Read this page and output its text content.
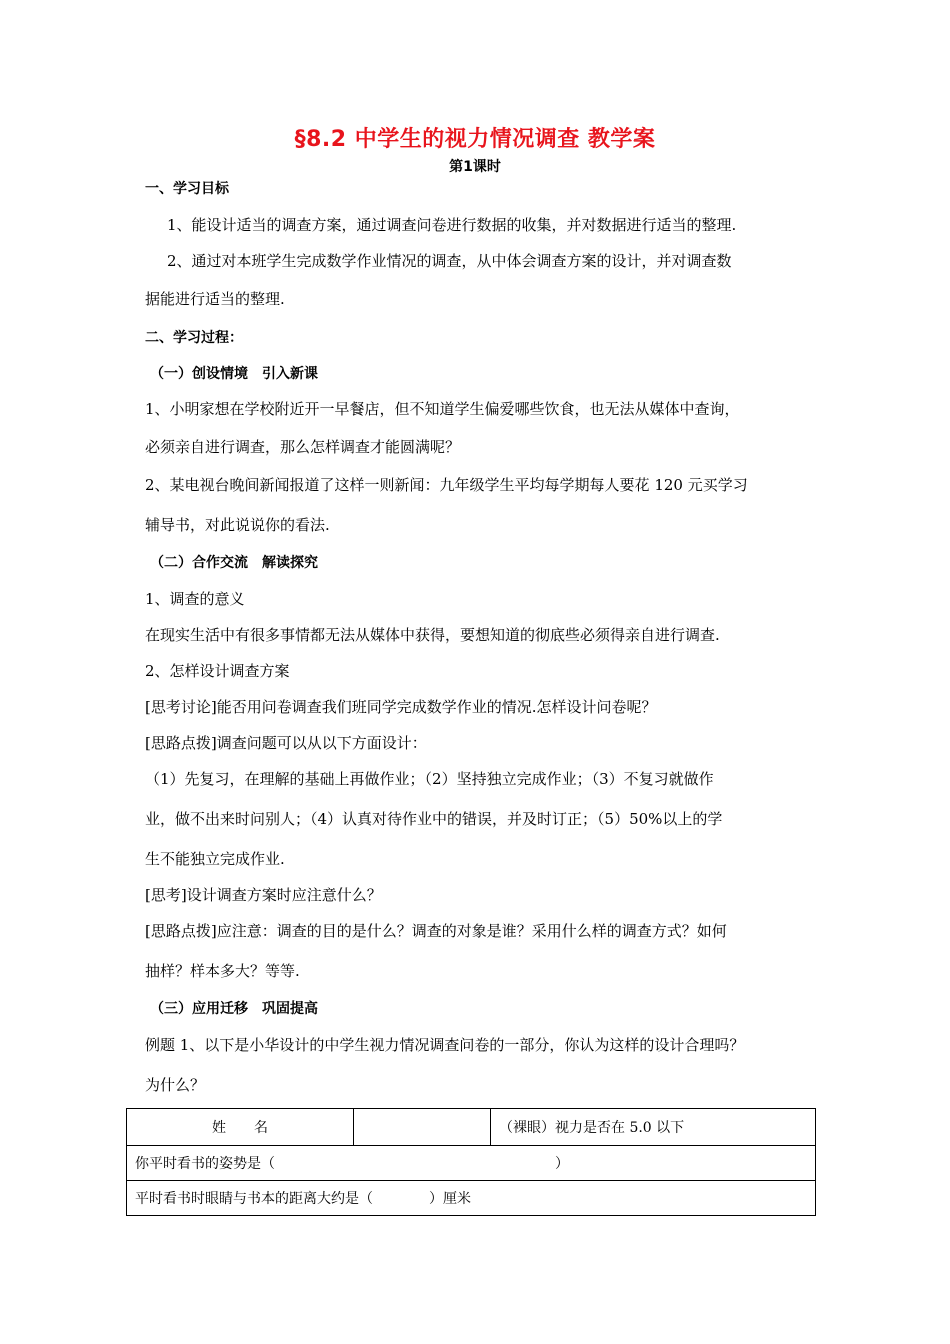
§8.2 中学生的视力情况调查 教学案
第1课时
一、学习目标
1、能设计适当的调查方案，通过调查问卷进行数据的收集，并对数据进行适当的整理.
2、通过对本班学生完成数学作业情况的调查，从中体会调查方案的设计，并对调查数
据能进行适当的整理.
二、学习过程：
（一）创设情境　引入新课
1、小明家想在学校附近开一早餐店，但不知道学生偏爱哪些饮食，也无法从媒体中查询，
必须亲自进行调查，那么怎样调查才能圆满呢？
2、某电视台晚间新闻报道了这样一则新闻：九年级学生平均每学期每人要花 120 元买学习
辅导书，对此说说你的看法.
（二）合作交流　解读探究
1、调查的意义
在现实生活中有很多事情都无法从媒体中获得，要想知道的彻底些必须得亲自进行调查.
2、怎样设计调查方案
[思考讨论]能否用问卷调查我们班同学完成数学作业的情况.怎样设计问卷呢？
[思路点拨]调查问题可以从以下方面设计：
（1）先复习，在理解的基础上再做作业；（2）坚持独立完成作业；（3）不复习就做作
业，做不出来时问别人；（4）认真对待作业中的错误，并及时订正；（5）50%以上的学
生不能独立完成作业.
[思考]设计调查方案时应注意什么？
[思路点拨]应注意：调查的目的是什么？调查的对象是谁？采用什么样的调查方式？如何
抽样？样本多大？等等.
（三）应用迁移　巩固提高
例题 1、以下是小华设计的中学生视力情况调查问卷的一部分，你认为这样的设计合理吗？
为什么？
姓　　名		（裸眼）视力是否在 5.0 以下
你平时看书的姿势是（　　　　　　　　　　　　　　　　　　　　）
平时看书时眼睛与书本的距离大约是（　　　　）厘米
